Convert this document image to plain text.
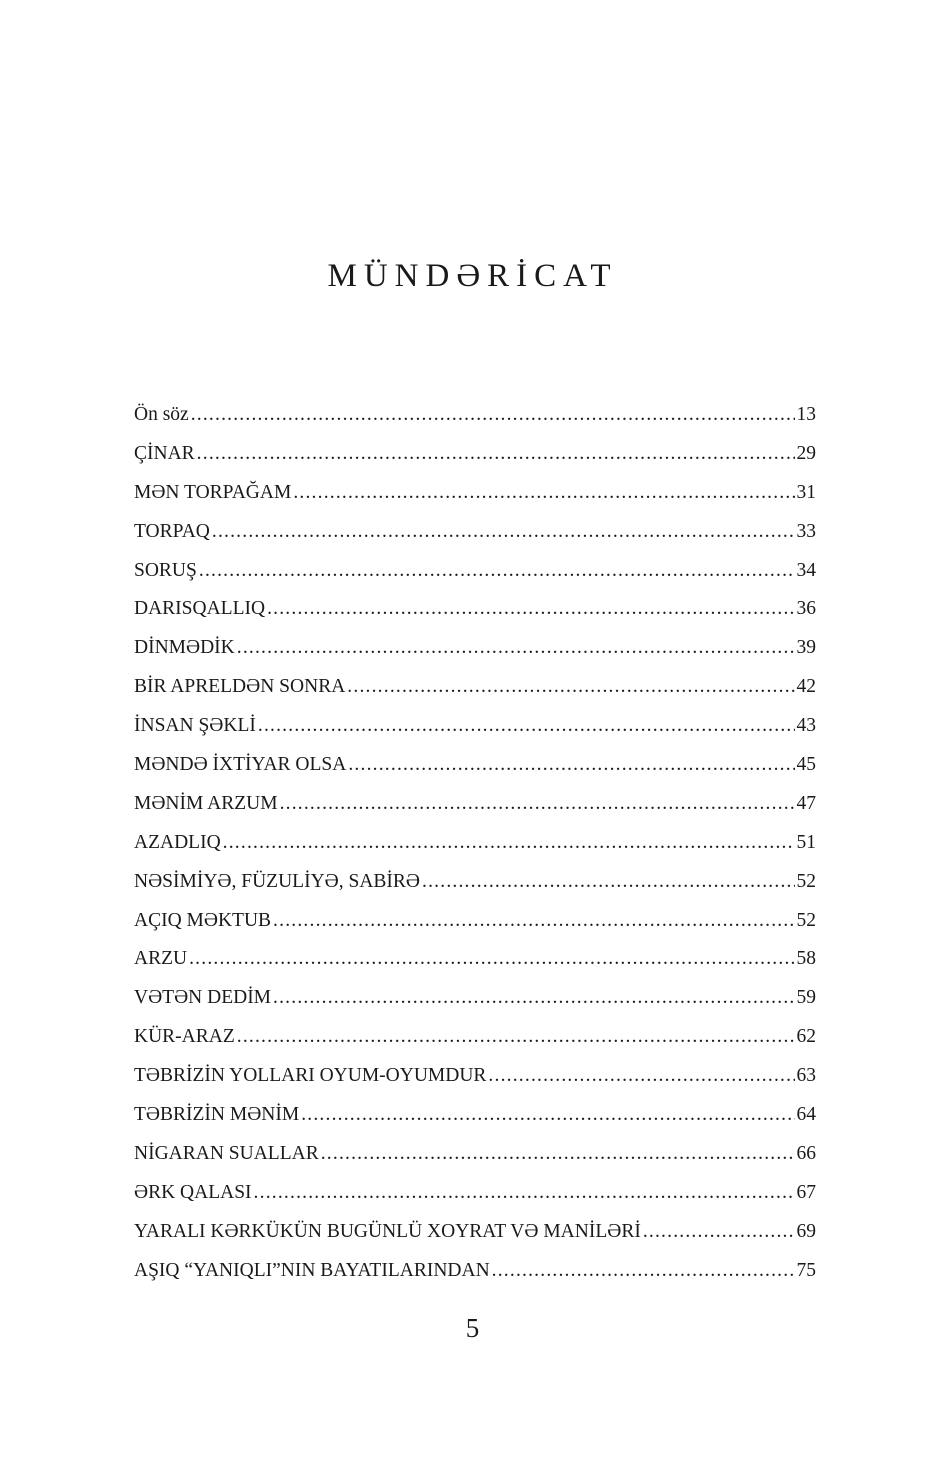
MÜNDƏRİCAT
Ön söz .....	13
ÇİNAR .....	29
MƏN TORPAĞAM .....	31
TORPAQ .....	33
SORUŞ .....	34
DARISQALLIQ .....	36
DİNMƏDİK .....	39
BİR APRELDƏN SONRA .....	42
İNSAN ŞƏKLİ .....	43
MƏNDƏ İXTİYAR OLSA .....	45
MƏNİM ARZUM .....	47
AZADLIQ .....	51
NƏSİMİYƏ, FÜZULİYƏ, SABİRƏ .....	52
AÇIQ MƏKTUB .....	52
ARZU .....	58
VƏTƏN DEDİM .....	59
KÜR-ARAZ .....	62
TƏBRİZİN YOLLARI OYUM-OYUMDUR .....	63
TƏBRİZİN MƏNİM .....	64
NİGARAN SUALLAR .....	66
ƏRK QALASI .....	67
YARALI KƏRKÜKÜN BUGÜNLÜ XOYRAT VƏ MANİLƏRİ .....	69
AŞIQ “YANIQLI”NIN BAYATILARINDAN .....	75
5
